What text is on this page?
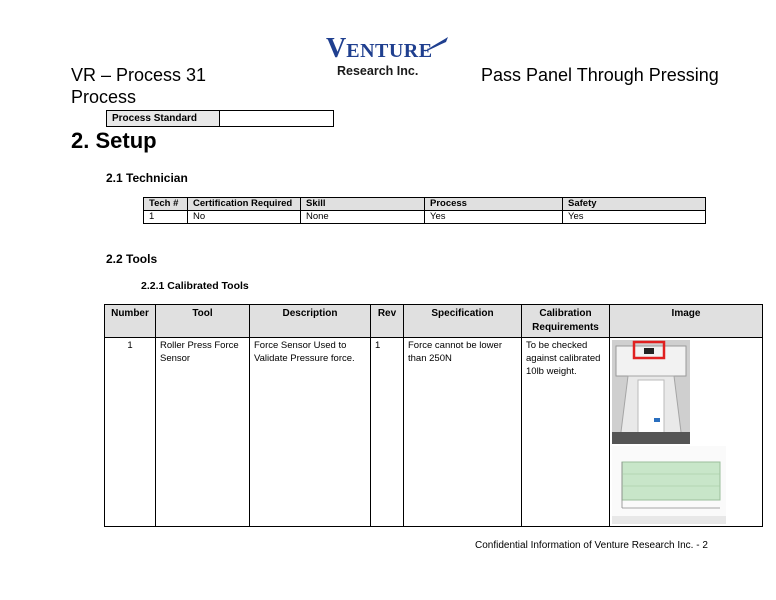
VR – Process 31
Process
VENTURE
Research Inc.	Pass Panel Through Pressing
Process Standard
2. Setup
2.1 Technician
Tech #	Certification Required	Skill	Process	Safety
1	No	None	Yes	Yes
2.2 Tools
2.2.1 Calibrated Tools
Number	Tool	Description	Rev	Specification	Calibration Requirements	Image
1	Roller Press Force Sensor	Force Sensor Used to Validate Pressure force.	1	Force cannot be lower than 250N	To be checked against calibrated 10lb weight.	
Confidential Information of Venture Research Inc. - 2
